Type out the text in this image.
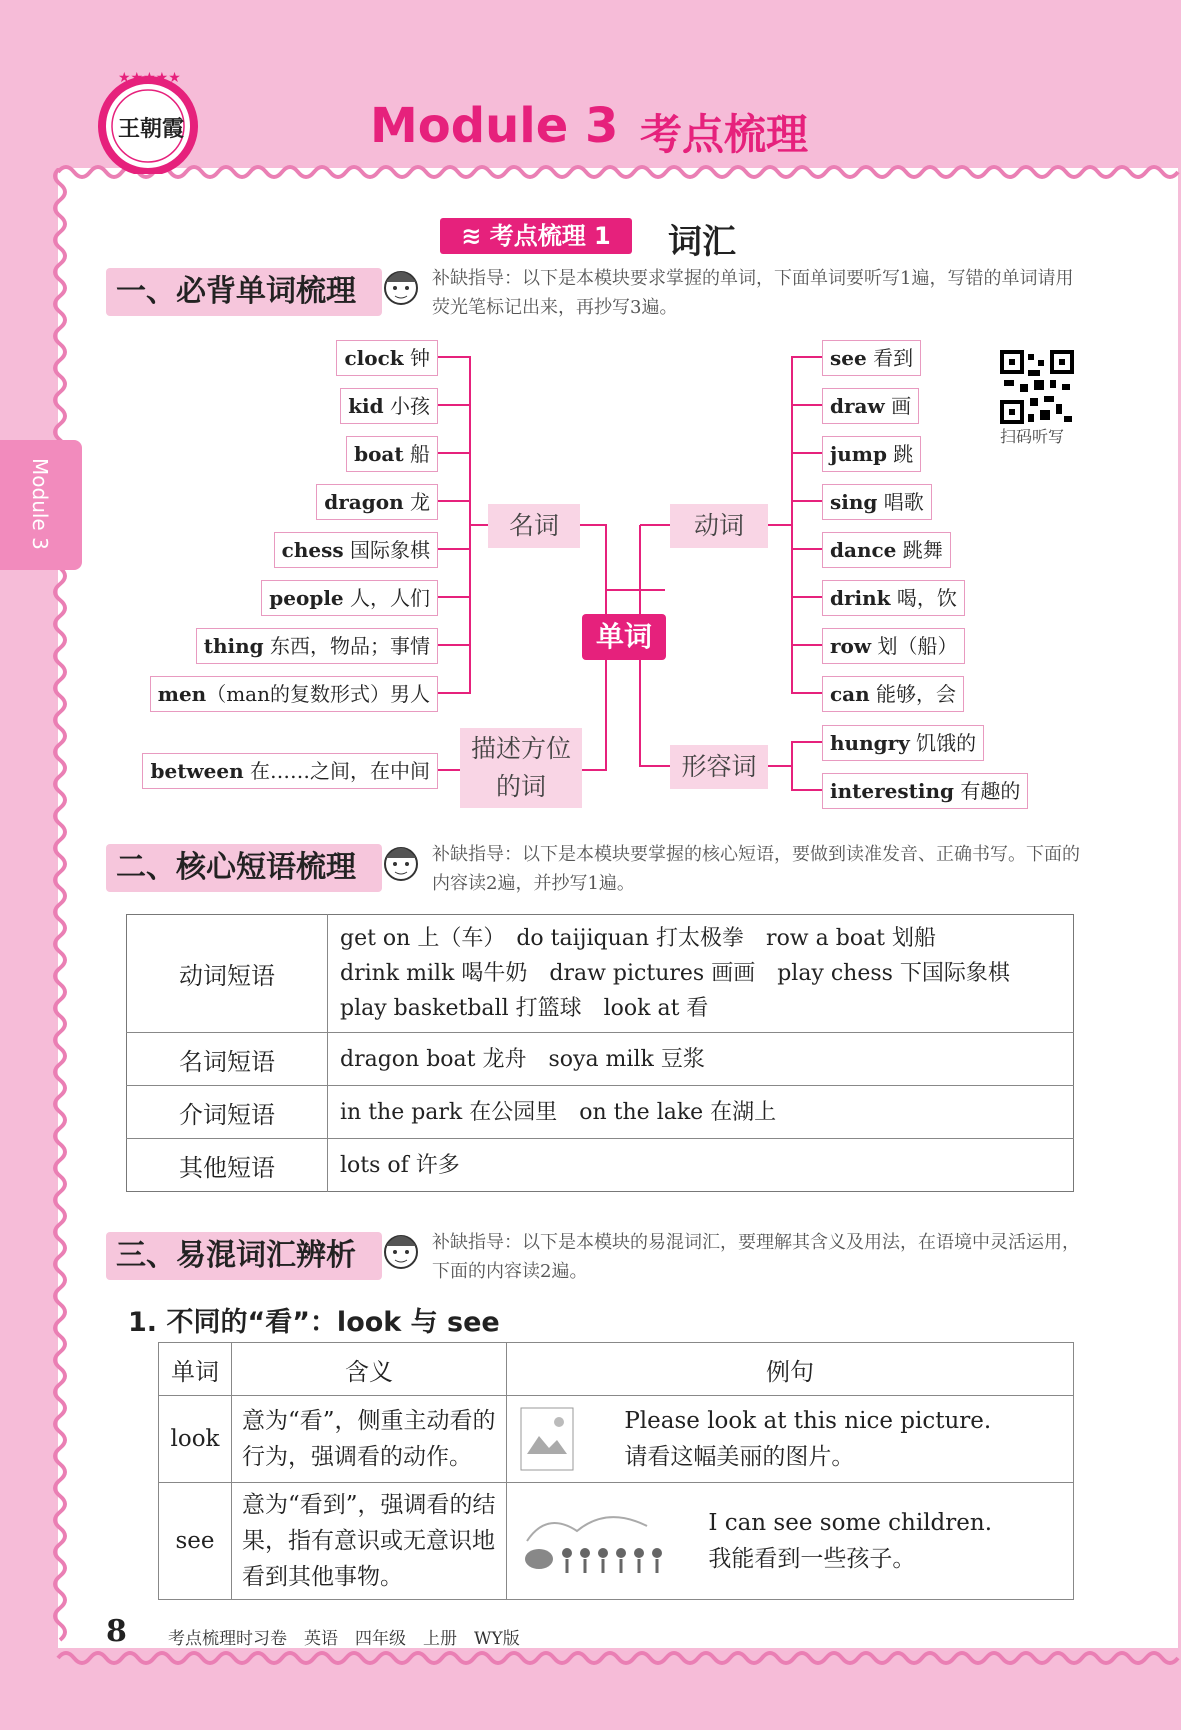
★★★★★
王朝霞	Module 3 考点梳理
Module 3
≋ 考点梳理 1	词汇
一、必背单词梳理	补缺指导：以下是本模块要求掌握的单词，下面单词要听写1遍，写错的单词请用荧光笔标记出来，再抄写3遍。
扫码听写
clock 钟
kid 小孩
boat 船
dragon 龙
chess 国际象棋
people 人，人们
thing 东西，物品；事情
men（man的复数形式）男人
see 看到
draw 画
jump 跳
sing 唱歌
dance 跳舞
drink 喝，饮
row 划（船）
can 能够，会
hungry 饥饿的
interesting 有趣的
between 在……之间，在中间
名词	动词
描述方位的词
形容词
单词
二、核心短语梳理	补缺指导：以下是本模块要掌握的核心短语，要做到读准发音、正确书写。下面的内容读2遍，并抄写1遍。
动词短语	get on 上（车）　do taijiquan 打太极拳　row a boat 划船
drink milk 喝牛奶　draw pictures 画画　play chess 下国际象棋
play basketball 打篮球　look at 看

名词短语	dragon boat 龙舟　soya milk 豆浆

介词短语	in the park 在公园里　on the lake 在湖上

其他短语	lots of 许多
三、易混词汇辨析	补缺指导：以下是本模块的易混词汇，要理解其含义及用法，在语境中灵活运用，下面的内容读2遍。
1. 不同的“看”：look 与 see
单词	含义	例句
look	意为“看”，侧重主动看的行为，强调看的动作。	Please look at this nice picture.
请看这幅美丽的图片。

see	意为“看到”，强调看的结果，指有意识或无意识地看到其他事物。	I can see some children.
我能看到一些孩子。
8 考点梳理时习卷　英语　四年级　上册　WY版
